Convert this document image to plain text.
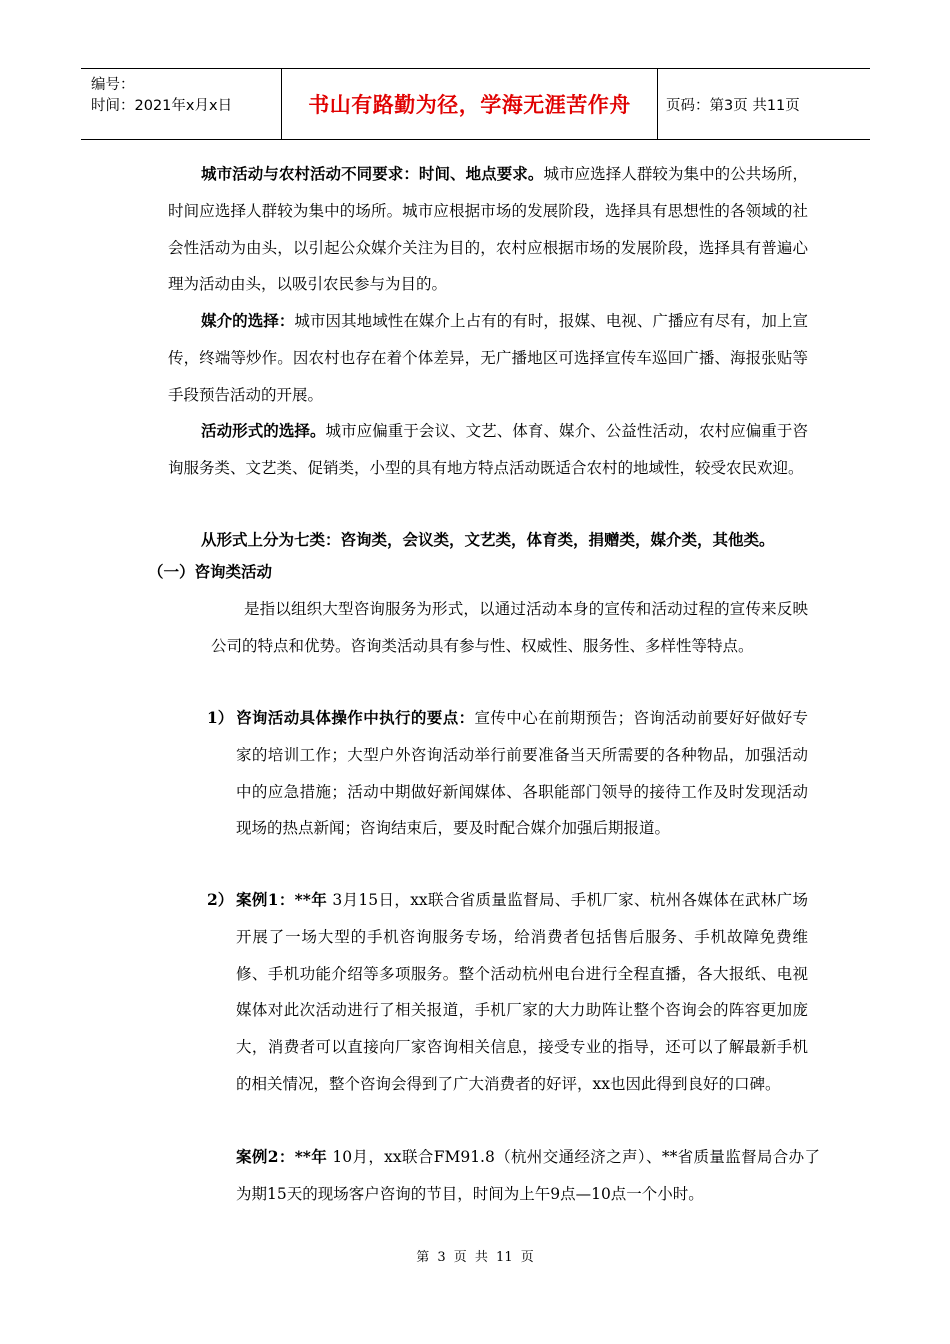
编号：
时间：2021年x月x日	书山有路勤为径，学海无涯苦作舟 页码：第3页 共11页
城市活动与农村活动不同要求：时间、地点要求。城市应选择人群较为集中的公共场所，时间应选择人群较为集中的场所。城市应根据市场的发展阶段，选择具有思想性的各领域的社会性活动为由头，以引起公众媒介关注为目的，农村应根据市场的发展阶段，选择具有普遍心理为活动由头，以吸引农民参与为目的。
媒介的选择：城市因其地域性在媒介上占有的有时，报媒、电视、广播应有尽有，加上宣传，终端等炒作。因农村也存在着个体差异，无广播地区可选择宣传车巡回广播、海报张贴等手段预告活动的开展。
活动形式的选择。城市应偏重于会议、文艺、体育、媒介、公益性活动，农村应偏重于咨询服务类、文艺类、促销类，小型的具有地方特点活动既适合农村的地域性，较受农民欢迎。
从形式上分为七类：咨询类，会议类，文艺类，体育类，捐赠类，媒介类，其他类。
（一）咨询类活动
是指以组织大型咨询服务为形式，以通过活动本身的宣传和活动过程的宣传来反映公司的特点和优势。咨询类活动具有参与性、权威性、服务性、多样性等特点。
1） 咨询活动具体操作中执行的要点：宣传中心在前期预告；咨询活动前要好好做好专家的培训工作；大型户外咨询活动举行前要准备当天所需要的各种物品，加强活动中的应急措施；活动中期做好新闻媒体、各职能部门领导的接待工作及时发现活动现场的热点新闻；咨询结束后，要及时配合媒介加强后期报道。
2） 案例1：**年 3月15日，xx联合省质量监督局、手机厂家、杭州各媒体在武林广场开展了一场大型的手机咨询服务专场，给消费者包括售后服务、手机故障免费维修、手机功能介绍等多项服务。整个活动杭州电台进行全程直播，各大报纸、电视媒体对此次活动进行了相关报道，手机厂家的大力助阵让整个咨询会的阵容更加庞大，消费者可以直接向厂家咨询相关信息，接受专业的指导，还可以了解最新手机的相关情况，整个咨询会得到了广大消费者的好评，xx也因此得到良好的口碑。
案例2：**年 10月，xx联合FM91.8（杭州交通经济之声）、**省质量监督局合办了为期15天的现场客户咨询的节目，时间为上午9点—10点一个小时。
第 3 页 共 11 页
